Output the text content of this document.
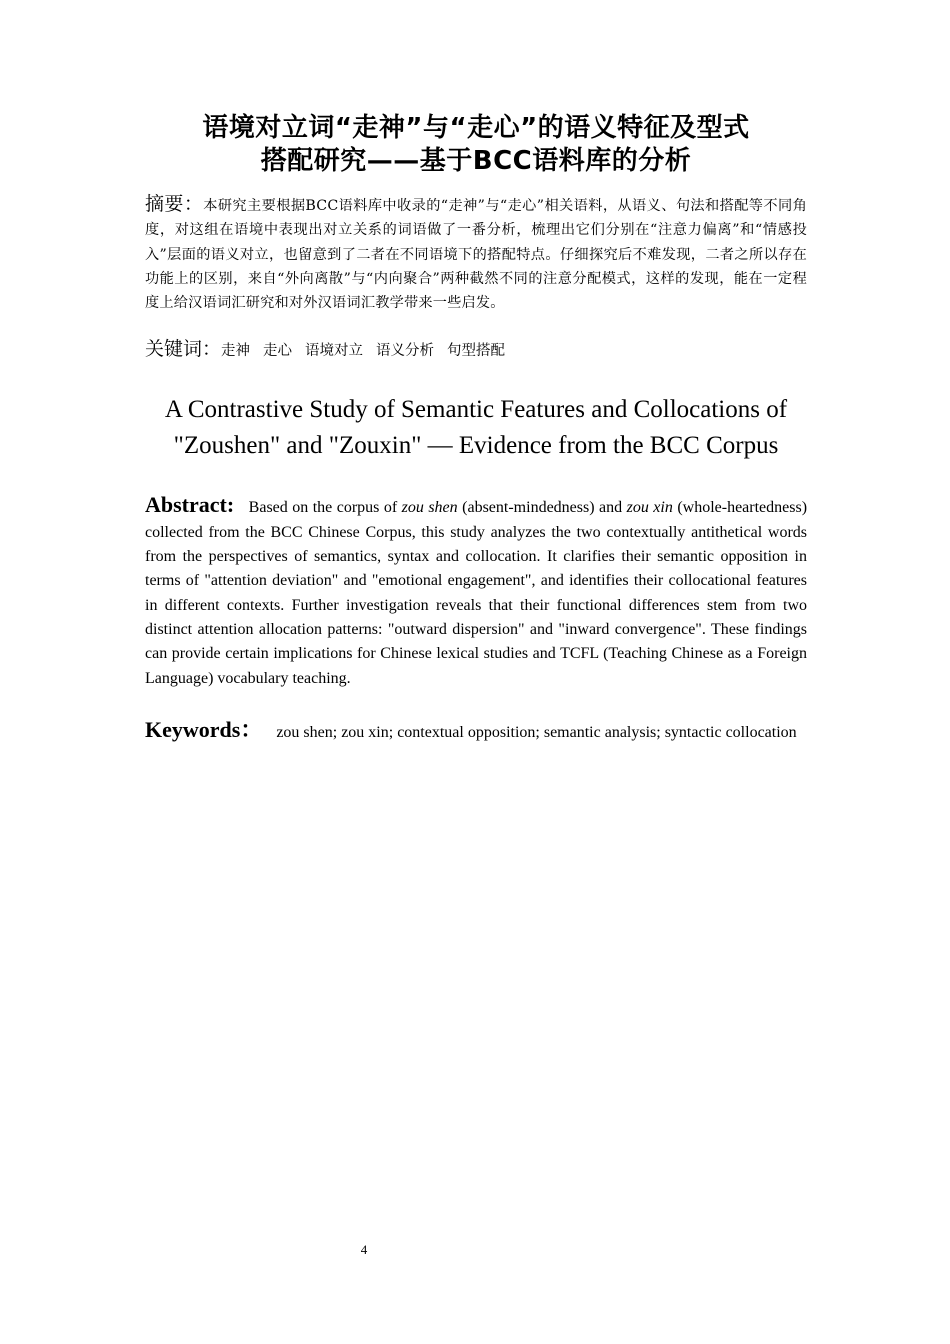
语境对立词“走神”与“走心”的语义特征及型式
搭配研究——基于BCC语料库的分析
摘要：本研究主要根据BCC语料库中收录的“走神”与“走心”相关语料，从语义、句法和搭配等不同角度，对这组在语境中表现出对立关系的词语做了一番分析，梳理出它们分别在“注意力偏离”和“情感投入”层面的语义对立，也留意到了二者在不同语境下的搭配特点。仔细探究后不难发现，二者之所以存在功能上的区别，来自“外向离散”与“内向聚合”两种截然不同的注意分配模式，这样的发现，能在一定程度上给汉语词汇研究和对外汉语词汇教学带来一些启发。
关键词：走神 走心 语境对立 语义分析 句型搭配
A Contrastive Study of Semantic Features and Collocations of
"Zoushen" and "Zouxin" — Evidence from the BCC Corpus
Abstract: Based on the corpus of zou shen (absent-mindedness) and zou xin (whole-heartedness) collected from the BCC Chinese Corpus, this study analyzes the two contextually antithetical words from the perspectives of semantics, syntax and collocation. It clarifies their semantic opposition in terms of "attention deviation" and "emotional engagement", and identifies their collocational features in different contexts. Further investigation reveals that their functional differences stem from two distinct attention allocation patterns: "outward dispersion" and "inward convergence". These findings can provide certain implications for Chinese lexical studies and TCFL (Teaching Chinese as a Foreign Language) vocabulary teaching.
Keywords： zou shen; zou xin; contextual opposition; semantic analysis; syntactic collocation
4
